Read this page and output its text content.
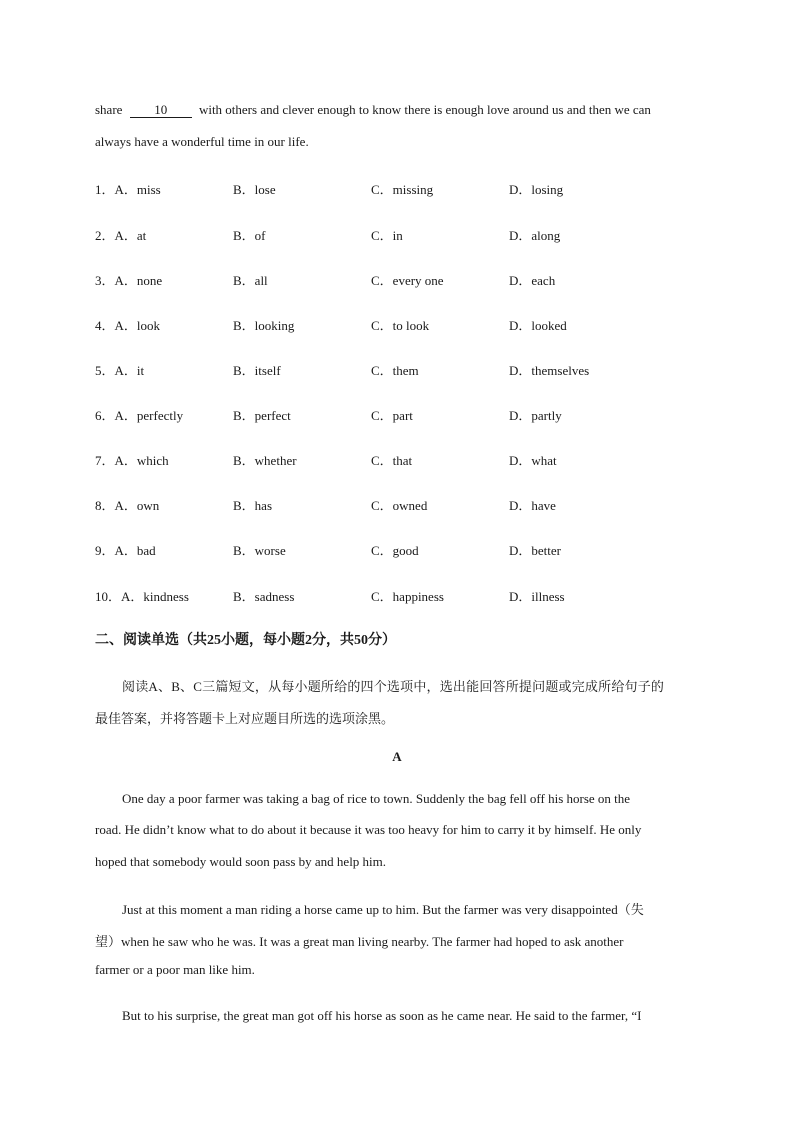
share 10 with others and clever enough to know there is enough love around us and then we can
always have a wonderful time in our life.
1．A．miss	B．lose	C．missing	D．losing
2．A．at	B．of	C．in	D．along
3．A．none	B．all	C．every one	D．each
4．A．look	B．looking	C．to look	D．looked
5．A．it	B．itself	C．them	D．themselves
6．A．perfectly	B．perfect	C．part	D．partly
7．A．which	B．whether	C．that	D．what
8．A．own	B．has	C．owned	D．have
9．A．bad	B．worse	C．good	D．better
10．A．kindness	B．sadness	C．happiness	D．illness
二、阅读单选（共25小题，每小题2分，共50分）
阅读A、B、C三篇短文，从每小题所给的四个选项中，选出能回答所提问题或完成所给句子的
最佳答案，并将答题卡上对应题目所选的选项涂黑。
A
One day a poor farmer was taking a bag of rice to town. Suddenly the bag fell off his horse on the
road. He didn’t know what to do about it because it was too heavy for him to carry it by himself. He only
hoped that somebody would soon pass by and help him.
Just at this moment a man riding a horse came up to him. But the farmer was very disappointed（失
望）when he saw who he was. It was a great man living nearby. The farmer had hoped to ask another
farmer or a poor man like him.
But to his surprise, the great man got off his horse as soon as he came near. He said to the farmer, “I
